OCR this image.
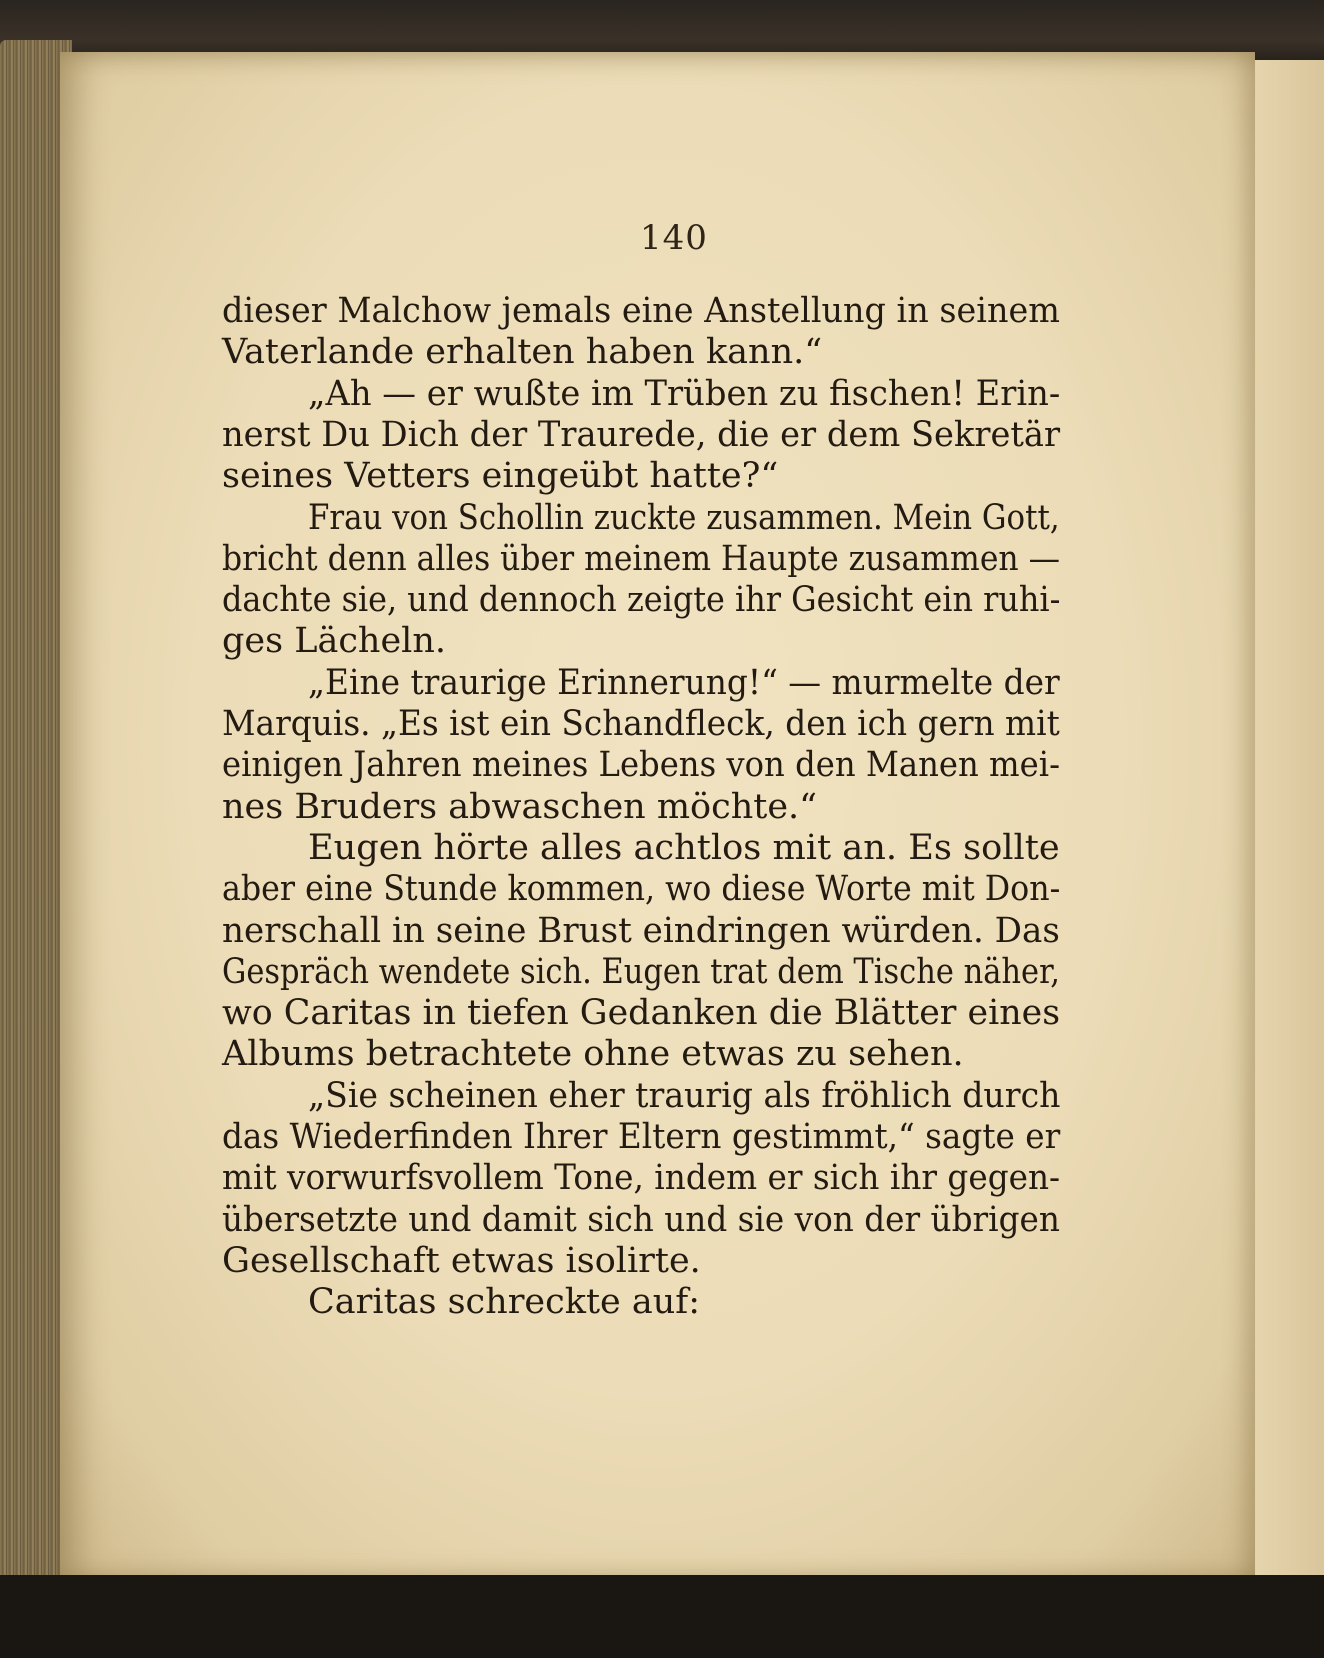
140
dieser Malchow jemals eine Anstellung in seinem
Vaterlande erhalten haben kann.“
„Ah — er wußte im Trüben zu fischen! Erin-
nerst Du Dich der Traurede, die er dem Sekretär
seines Vetters eingeübt hatte?“
Frau von Schollin zuckte zusammen. Mein Gott,
bricht denn alles über meinem Haupte zusammen —
dachte sie, und dennoch zeigte ihr Gesicht ein ruhi-
ges Lächeln.
„Eine traurige Erinnerung!“ — murmelte der
Marquis. „Es ist ein Schandfleck, den ich gern mit
einigen Jahren meines Lebens von den Manen mei-
nes Bruders abwaschen möchte.“
Eugen hörte alles achtlos mit an. Es sollte
aber eine Stunde kommen, wo diese Worte mit Don-
nerschall in seine Brust eindringen würden. Das
Gespräch wendete sich. Eugen trat dem Tische näher,
wo Caritas in tiefen Gedanken die Blätter eines
Albums betrachtete ohne etwas zu sehen.
„Sie scheinen eher traurig als fröhlich durch
das Wiederfinden Ihrer Eltern gestimmt,“ sagte er
mit vorwurfsvollem Tone, indem er sich ihr gegen-
übersetzte und damit sich und sie von der übrigen
Gesellschaft etwas isolirte.
Caritas schreckte auf:
